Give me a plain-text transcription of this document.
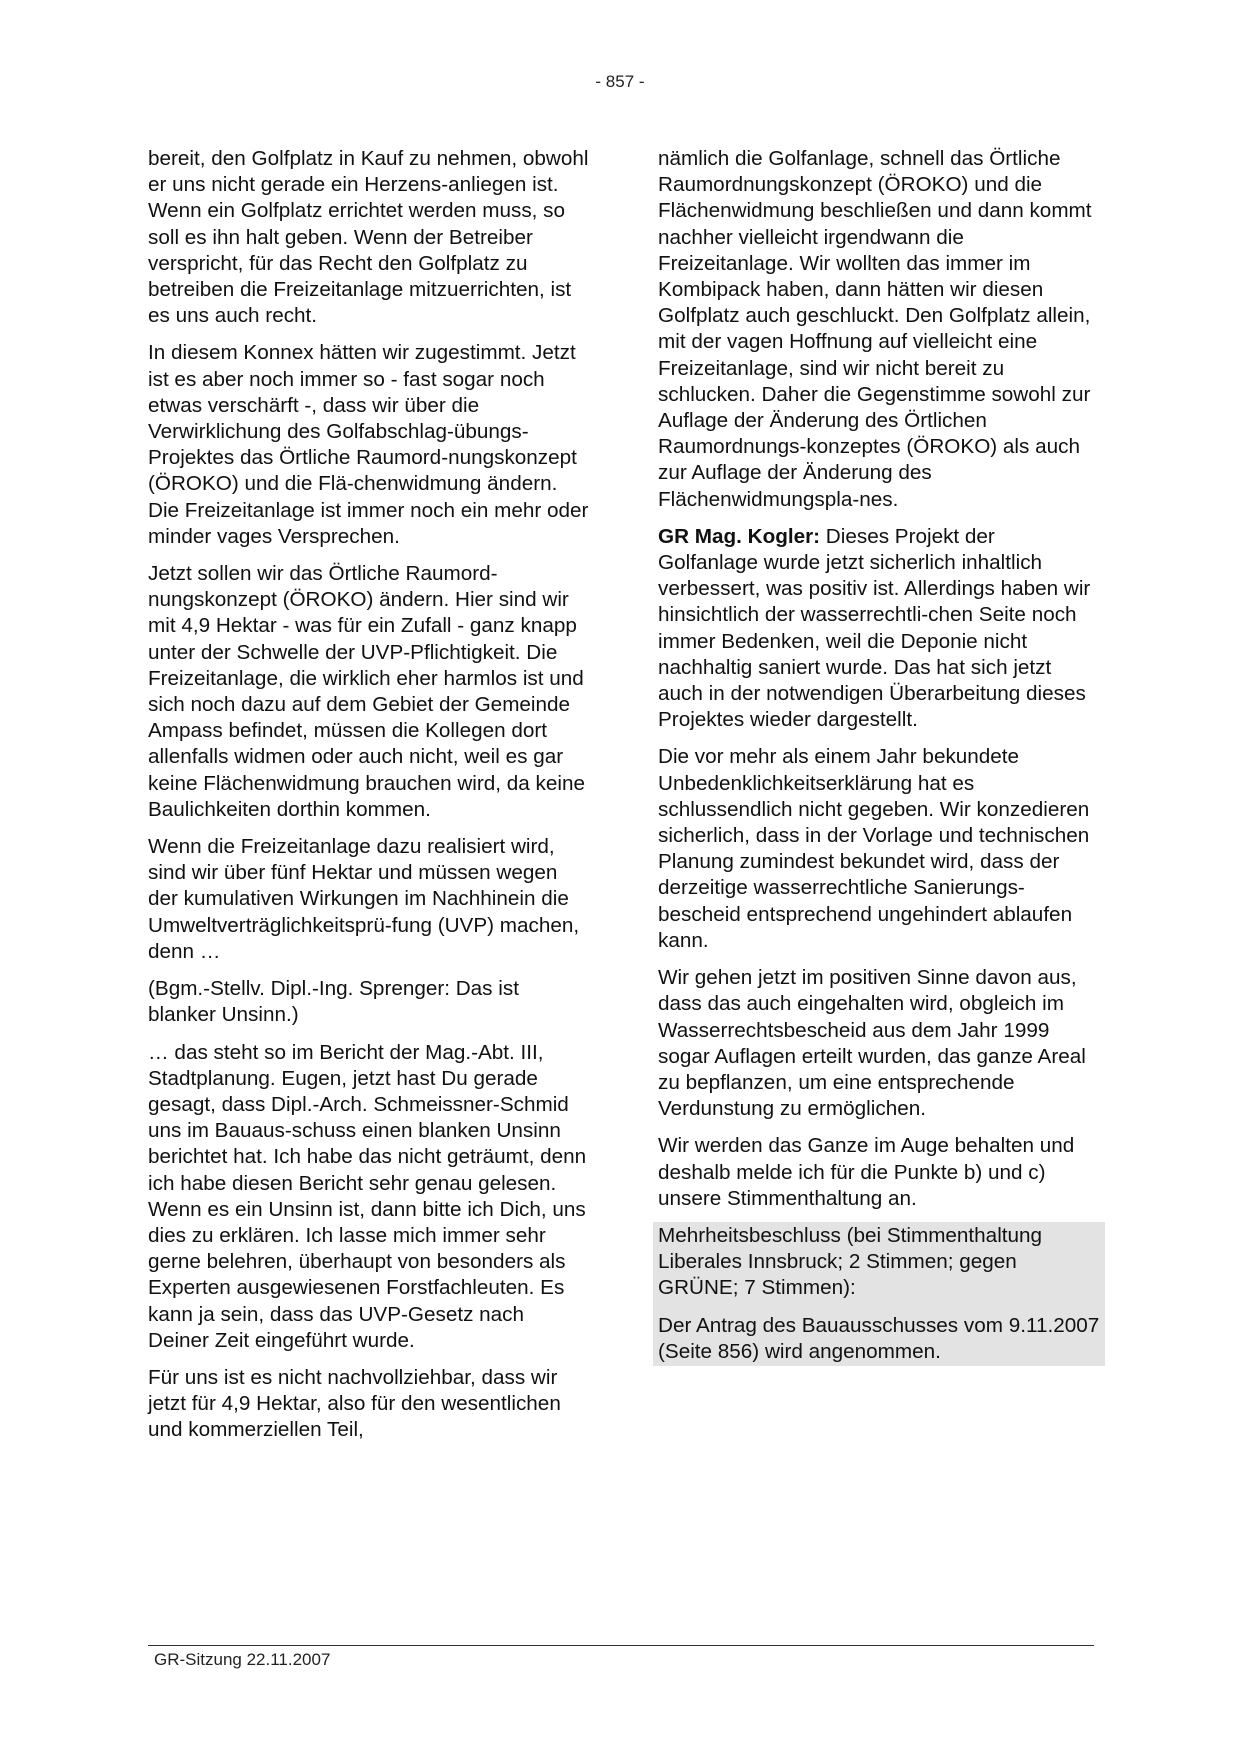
- 857 -

bereit, den Golfplatz in Kauf zu nehmen, obwohl er uns nicht gerade ein Herzens-anliegen ist. Wenn ein Golfplatz errichtet werden muss, so soll es ihn halt geben. Wenn der Betreiber verspricht, für das Recht den Golfplatz zu betreiben die Freizeitanlage mitzuerrichten, ist es uns auch recht.

In diesem Konnex hätten wir zugestimmt. Jetzt ist es aber noch immer so - fast sogar noch etwas verschärft -, dass wir über die Verwirklichung des Golfabschlag-übungs-Projektes das Örtliche Raumord-nungskonzept (ÖROKO) und die Flä-chenwidmung ändern. Die Freizeitanlage ist immer noch ein mehr oder minder vages Versprechen.

Jetzt sollen wir das Örtliche Raumord-nungskonzept (ÖROKO) ändern. Hier sind wir mit 4,9 Hektar - was für ein Zufall - ganz knapp unter der Schwelle der UVP-Pflichtigkeit. Die Freizeitanlage, die wirklich eher harmlos ist und sich noch dazu auf dem Gebiet der Gemeinde Ampass befindet, müssen die Kollegen dort allenfalls widmen oder auch nicht, weil es gar keine Flächenwidmung brauchen wird, da keine Baulichkeiten dorthin kommen.

Wenn die Freizeitanlage dazu realisiert wird, sind wir über fünf Hektar und müssen wegen der kumulativen Wirkungen im Nachhinein die Umweltverträglichkeitsprü-fung (UVP) machen, denn …

(Bgm.-Stellv. Dipl.-Ing. Sprenger: Das ist blanker Unsinn.)

… das steht so im Bericht der Mag.-Abt. III, Stadtplanung. Eugen, jetzt hast Du gerade gesagt, dass Dipl.-Arch. Schmeissner-Schmid uns im Bauaus-schuss einen blanken Unsinn berichtet hat. Ich habe das nicht geträumt, denn ich habe diesen Bericht sehr genau gelesen. Wenn es ein Unsinn ist, dann bitte ich Dich, uns dies zu erklären. Ich lasse mich immer sehr gerne belehren, überhaupt von besonders als Experten ausgewiesenen Forstfachleuten. Es kann ja sein, dass das UVP-Gesetz nach Deiner Zeit eingeführt wurde.

Für uns ist es nicht nachvollziehbar, dass wir jetzt für 4,9 Hektar, also für den wesentlichen und kommerziellen Teil,

nämlich die Golfanlage, schnell das Örtliche Raumordnungskonzept (ÖROKO) und die Flächenwidmung beschließen und dann kommt nachher vielleicht irgendwann die Freizeitanlage. Wir wollten das immer im Kombipack haben, dann hätten wir diesen Golfplatz auch geschluckt. Den Golfplatz allein, mit der vagen Hoffnung auf vielleicht eine Freizeitanlage, sind wir nicht bereit zu schlucken. Daher die Gegenstimme sowohl zur Auflage der Änderung des Örtlichen Raumordnungs-konzeptes (ÖROKO) als auch zur Auflage der Änderung des Flächenwidmungspla-nes.

GR Mag. Kogler: Dieses Projekt der Golfanlage wurde jetzt sicherlich inhaltlich verbessert, was positiv ist. Allerdings haben wir hinsichtlich der wasserrechtli-chen Seite noch immer Bedenken, weil die Deponie nicht nachhaltig saniert wurde. Das hat sich jetzt auch in der notwendigen Überarbeitung dieses Projektes wieder dargestellt.

Die vor mehr als einem Jahr bekundete Unbedenklichkeitserklärung hat es schlussendlich nicht gegeben. Wir konzedieren sicherlich, dass in der Vorlage und technischen Planung zumindest bekundet wird, dass der derzeitige wasserrechtliche Sanierungs-bescheid entsprechend ungehindert ablaufen kann.

Wir gehen jetzt im positiven Sinne davon aus, dass das auch eingehalten wird, obgleich im Wasserrechtsbescheid aus dem Jahr 1999 sogar Auflagen erteilt wurden, das ganze Areal zu bepflanzen, um eine entsprechende Verdunstung zu ermöglichen.

Wir werden das Ganze im Auge behalten und deshalb melde ich für die Punkte b) und c) unsere Stimmenthaltung an.

Mehrheitsbeschluss (bei Stimmenthaltung Liberales Innsbruck; 2 Stimmen; gegen GRÜNE; 7 Stimmen):

Der Antrag des Bauausschusses vom 9.11.2007 (Seite 856) wird angenommen.

GR-Sitzung 22.11.2007
